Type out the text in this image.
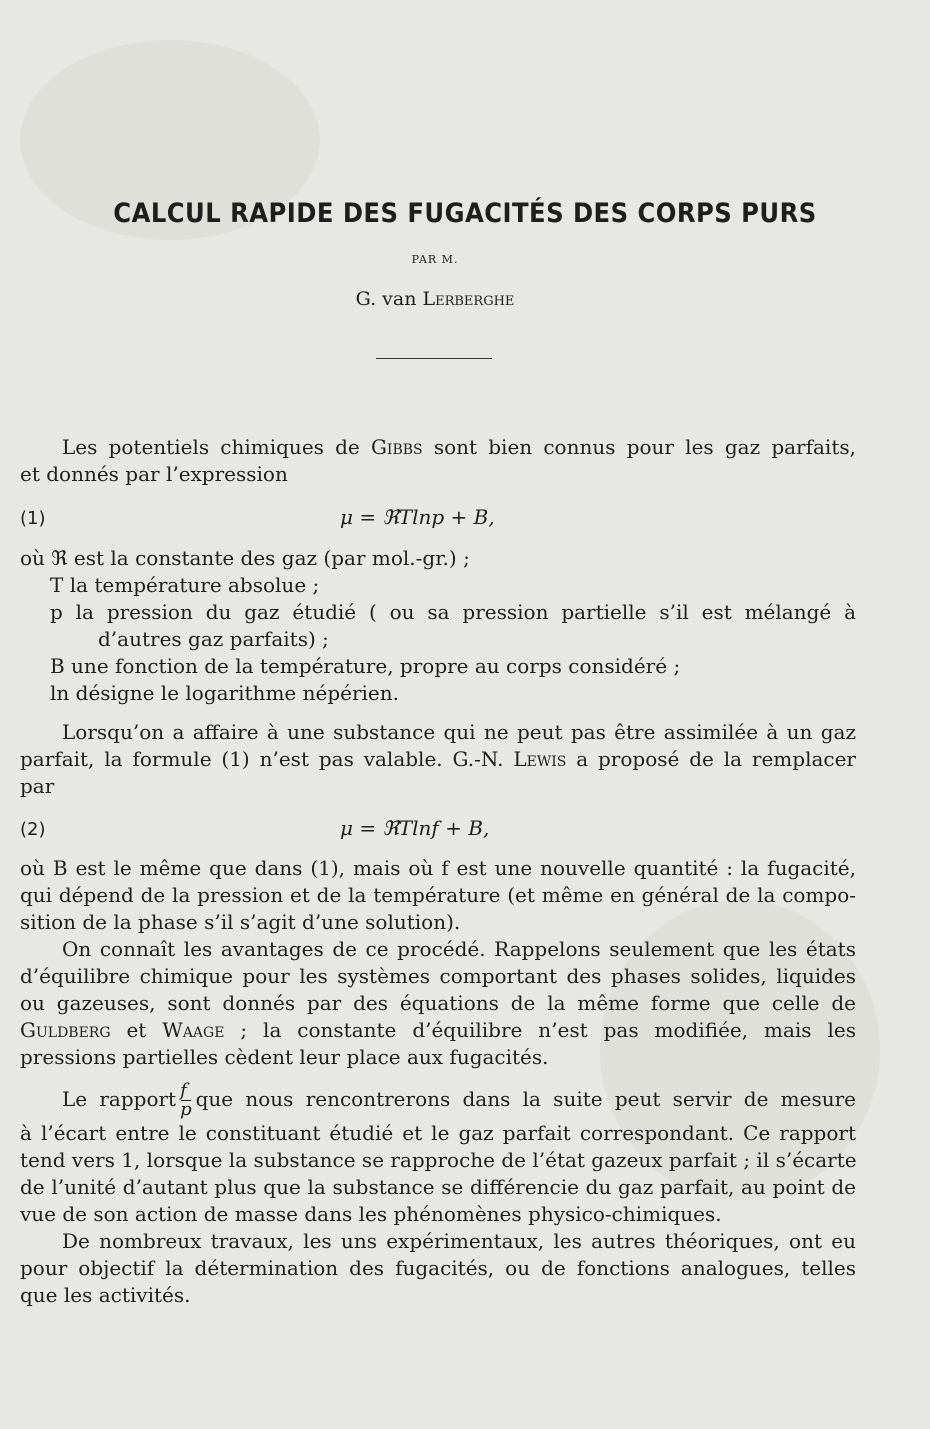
CALCUL RAPIDE DES FUGACITÉS DES CORPS PURS
PAR M.
G. van Lerberghe
Les potentiels chimiques de Gibbs sont bien connus pour les gaz parfaits,
et donnés par l’expression
(1)	μ = ℜTlnp + B,
où ℜ est la constante des gaz (par mol.-gr.) ;
T la température absolue ;
p la pression du gaz étudié ( ou sa pression partielle s’il est mélangé à
d’autres gaz parfaits) ;
B une fonction de la température, propre au corps considéré ;
ln désigne le logarithme népérien.
Lorsqu’on a affaire à une substance qui ne peut pas être assimilée à un gaz
parfait, la formule (1) n’est pas valable. G.-N. Lewis a proposé de la remplacer
par
(2)	μ = ℜTlnf + B,
où B est le même que dans (1), mais où f est une nouvelle quantité : la fugacité,
qui dépend de la pression et de la température (et même en général de la compo-
sition de la phase s’il s’agit d’une solution).
On connaît les avantages de ce procédé. Rappelons seulement que les états
d’équilibre chimique pour les systèmes comportant des phases solides, liquides
ou gazeuses, sont donnés par des équations de la même forme que celle de
Guldberg et Waage ; la constante d’équilibre n’est pas modifiée, mais les
pressions partielles cèdent leur place aux fugacités.
Le rapport $\frac{f}{p}$ que nous rencontrerons dans la suite peut servir de mesure
à l’écart entre le constituant étudié et le gaz parfait correspondant. Ce rapport
tend vers 1, lorsque la substance se rapproche de l’état gazeux parfait ; il s’écarte
de l’unité d’autant plus que la substance se différencie du gaz parfait, au point de
vue de son action de masse dans les phénomènes physico-chimiques.
De nombreux travaux, les uns expérimentaux, les autres théoriques, ont eu
pour objectif la détermination des fugacités, ou de fonctions analogues, telles
que les activités.
